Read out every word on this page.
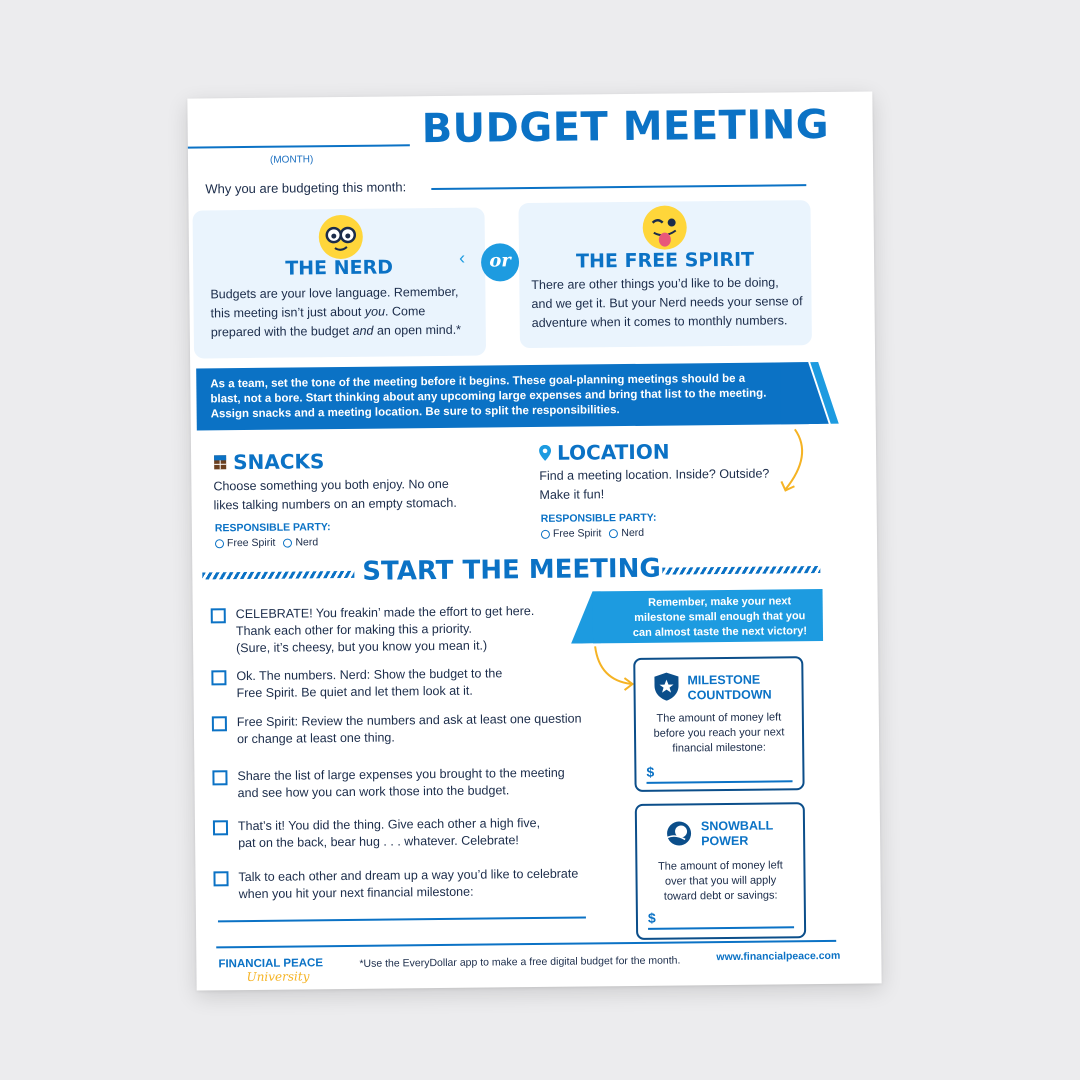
(MONTH)
BUDGET MEETING
Why you are budgeting this month:
THE NERD
Budgets are your love language. Remember,
this meeting isn’t just about you. Come
prepared with the budget and an open mind.*
‹	or	THE FREE SPIRIT
There are other things you’d like to be doing,
and we get it. But your Nerd needs your sense of
adventure when it comes to monthly numbers.
As a team, set the tone of the meeting before it begins. These goal-planning meetings should be a
blast, not a bore. Start thinking about any upcoming large expenses and bring that list to the meeting.
Assign snacks and a meeting location. Be sure to split the responsibilities.
SNACKS
Choose something you both enjoy. No one
likes talking numbers on an empty stomach.
RESPONSIBLE PARTY:
Free Spirit Nerd
LOCATION
Find a meeting location. Inside? Outside?
Make it fun!
RESPONSIBLE PARTY:
Free Spirit Nerd
START THE MEETING
CELEBRATE! You freakin’ made the effort to get here.
Thank each other for making this a priority.
(Sure, it’s cheesy, but you know you mean it.)
Ok. The numbers. Nerd: Show the budget to the
Free Spirit. Be quiet and let them look at it.
Free Spirit: Review the numbers and ask at least one question
or change at least one thing.
Share the list of large expenses you brought to the meeting
and see how you can work those into the budget.
That’s it! You did the thing. Give each other a high five,
pat on the back, bear hug . . . whatever. Celebrate!
Talk to each other and dream up a way you’d like to celebrate
when you hit your next financial milestone:
Remember, make your next
milestone small enough that you
can almost taste the next victory!
MILESTONE
COUNTDOWN
The amount of money left
before you reach your next
financial milestone:
$
SNOWBALL
POWER
The amount of money left
over that you will apply
toward debt or savings:
$
FINANCIAL PEACE
University
*Use the EveryDollar app to make a free digital budget for the month.	www.financialpeace.com
